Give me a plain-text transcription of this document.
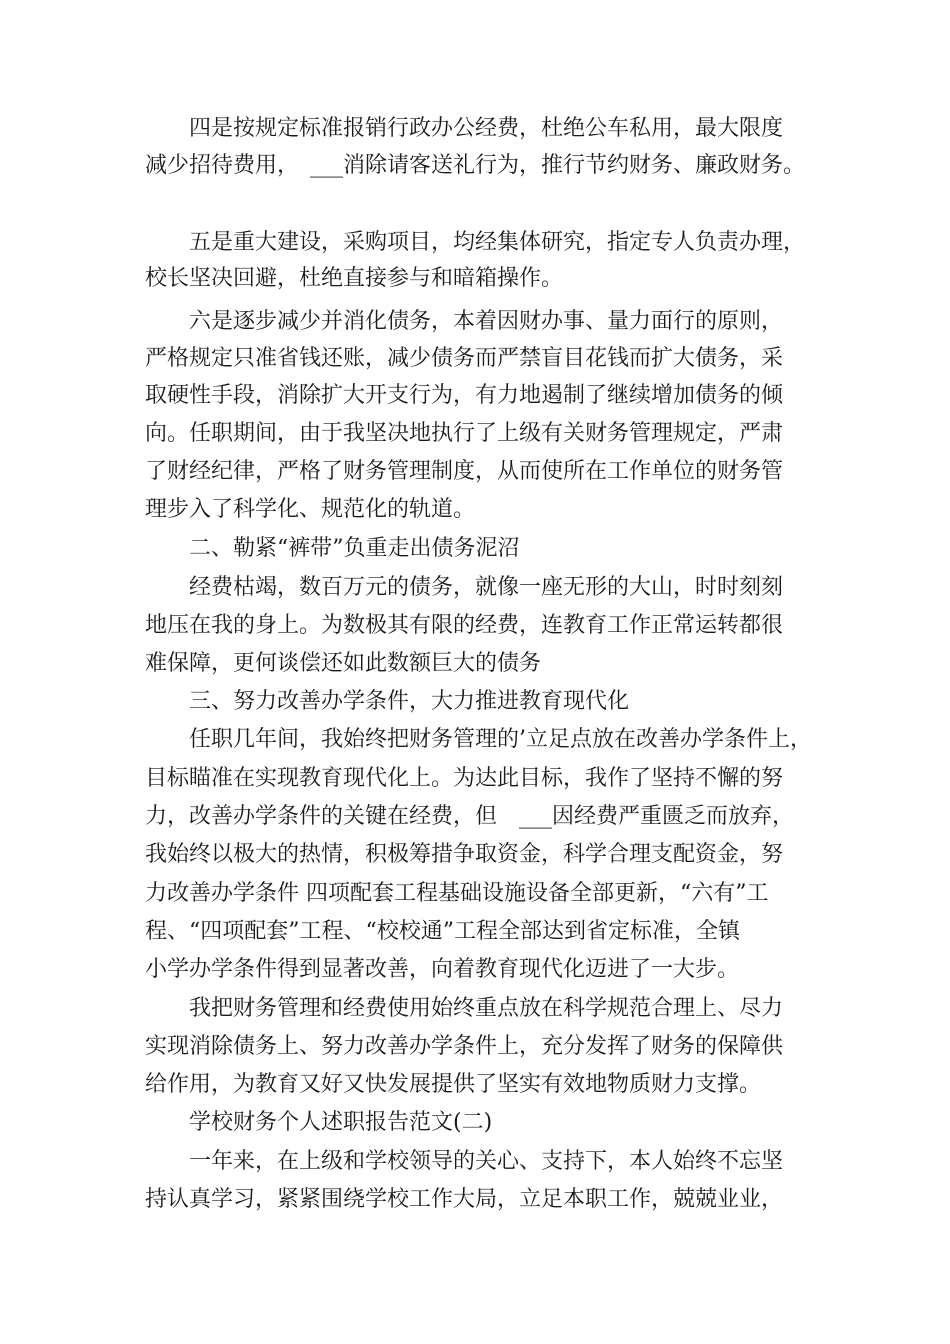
四是按规定标准报销行政办公经费，杜绝公车私用，最大限度
减少招待费用，　___消除请客送礼行为，推行节约财务、廉政财务。
五是重大建设，采购项目，均经集体研究，指定专人负责办理，
校长坚决回避，杜绝直接参与和暗箱操作。
六是逐步减少并消化债务，本着因财办事、量力面行的原则，
严格规定只准省钱还账，减少债务而严禁盲目花钱而扩大债务，采
取硬性手段，消除扩大开支行为，有力地遏制了继续增加债务的倾
向。任职期间，由于我坚决地执行了上级有关财务管理规定，严肃
了财经纪律，严格了财务管理制度，从而使所在工作单位的财务管
理步入了科学化、规范化的轨道。
二、勒紧“裤带”负重走出债务泥沼
经费枯竭，数百万元的债务，就像一座无形的大山，时时刻刻
地压在我的身上。为数极其有限的经费，连教育工作正常运转都很
难保障，更何谈偿还如此数额巨大的债务
三、努力改善办学条件，大力推进教育现代化
任职几年间，我始终把财务管理的’立足点放在改善办学条件上，
目标瞄准在实现教育现代化上。为达此目标，我作了坚持不懈的努
力，改善办学条件的关键在经费，但　___因经费严重匮乏而放弃，
我始终以极大的热情，积极筹措争取资金，科学合理支配资金，努
力改善办学条件 四项配套工程基础设施设备全部更新，“六有”工
程、“四项配套”工程、“校校通”工程全部达到省定标准，全镇
小学办学条件得到显著改善，向着教育现代化迈进了一大步。
我把财务管理和经费使用始终重点放在科学规范合理上、尽力
实现消除债务上、努力改善办学条件上，充分发挥了财务的保障供
给作用，为教育又好又快发展提供了坚实有效地物质财力支撑。
学校财务个人述职报告范文(二)
一年来，在上级和学校领导的关心、支持下，本人始终不忘坚
持认真学习，紧紧围绕学校工作大局，立足本职工作，兢兢业业，
